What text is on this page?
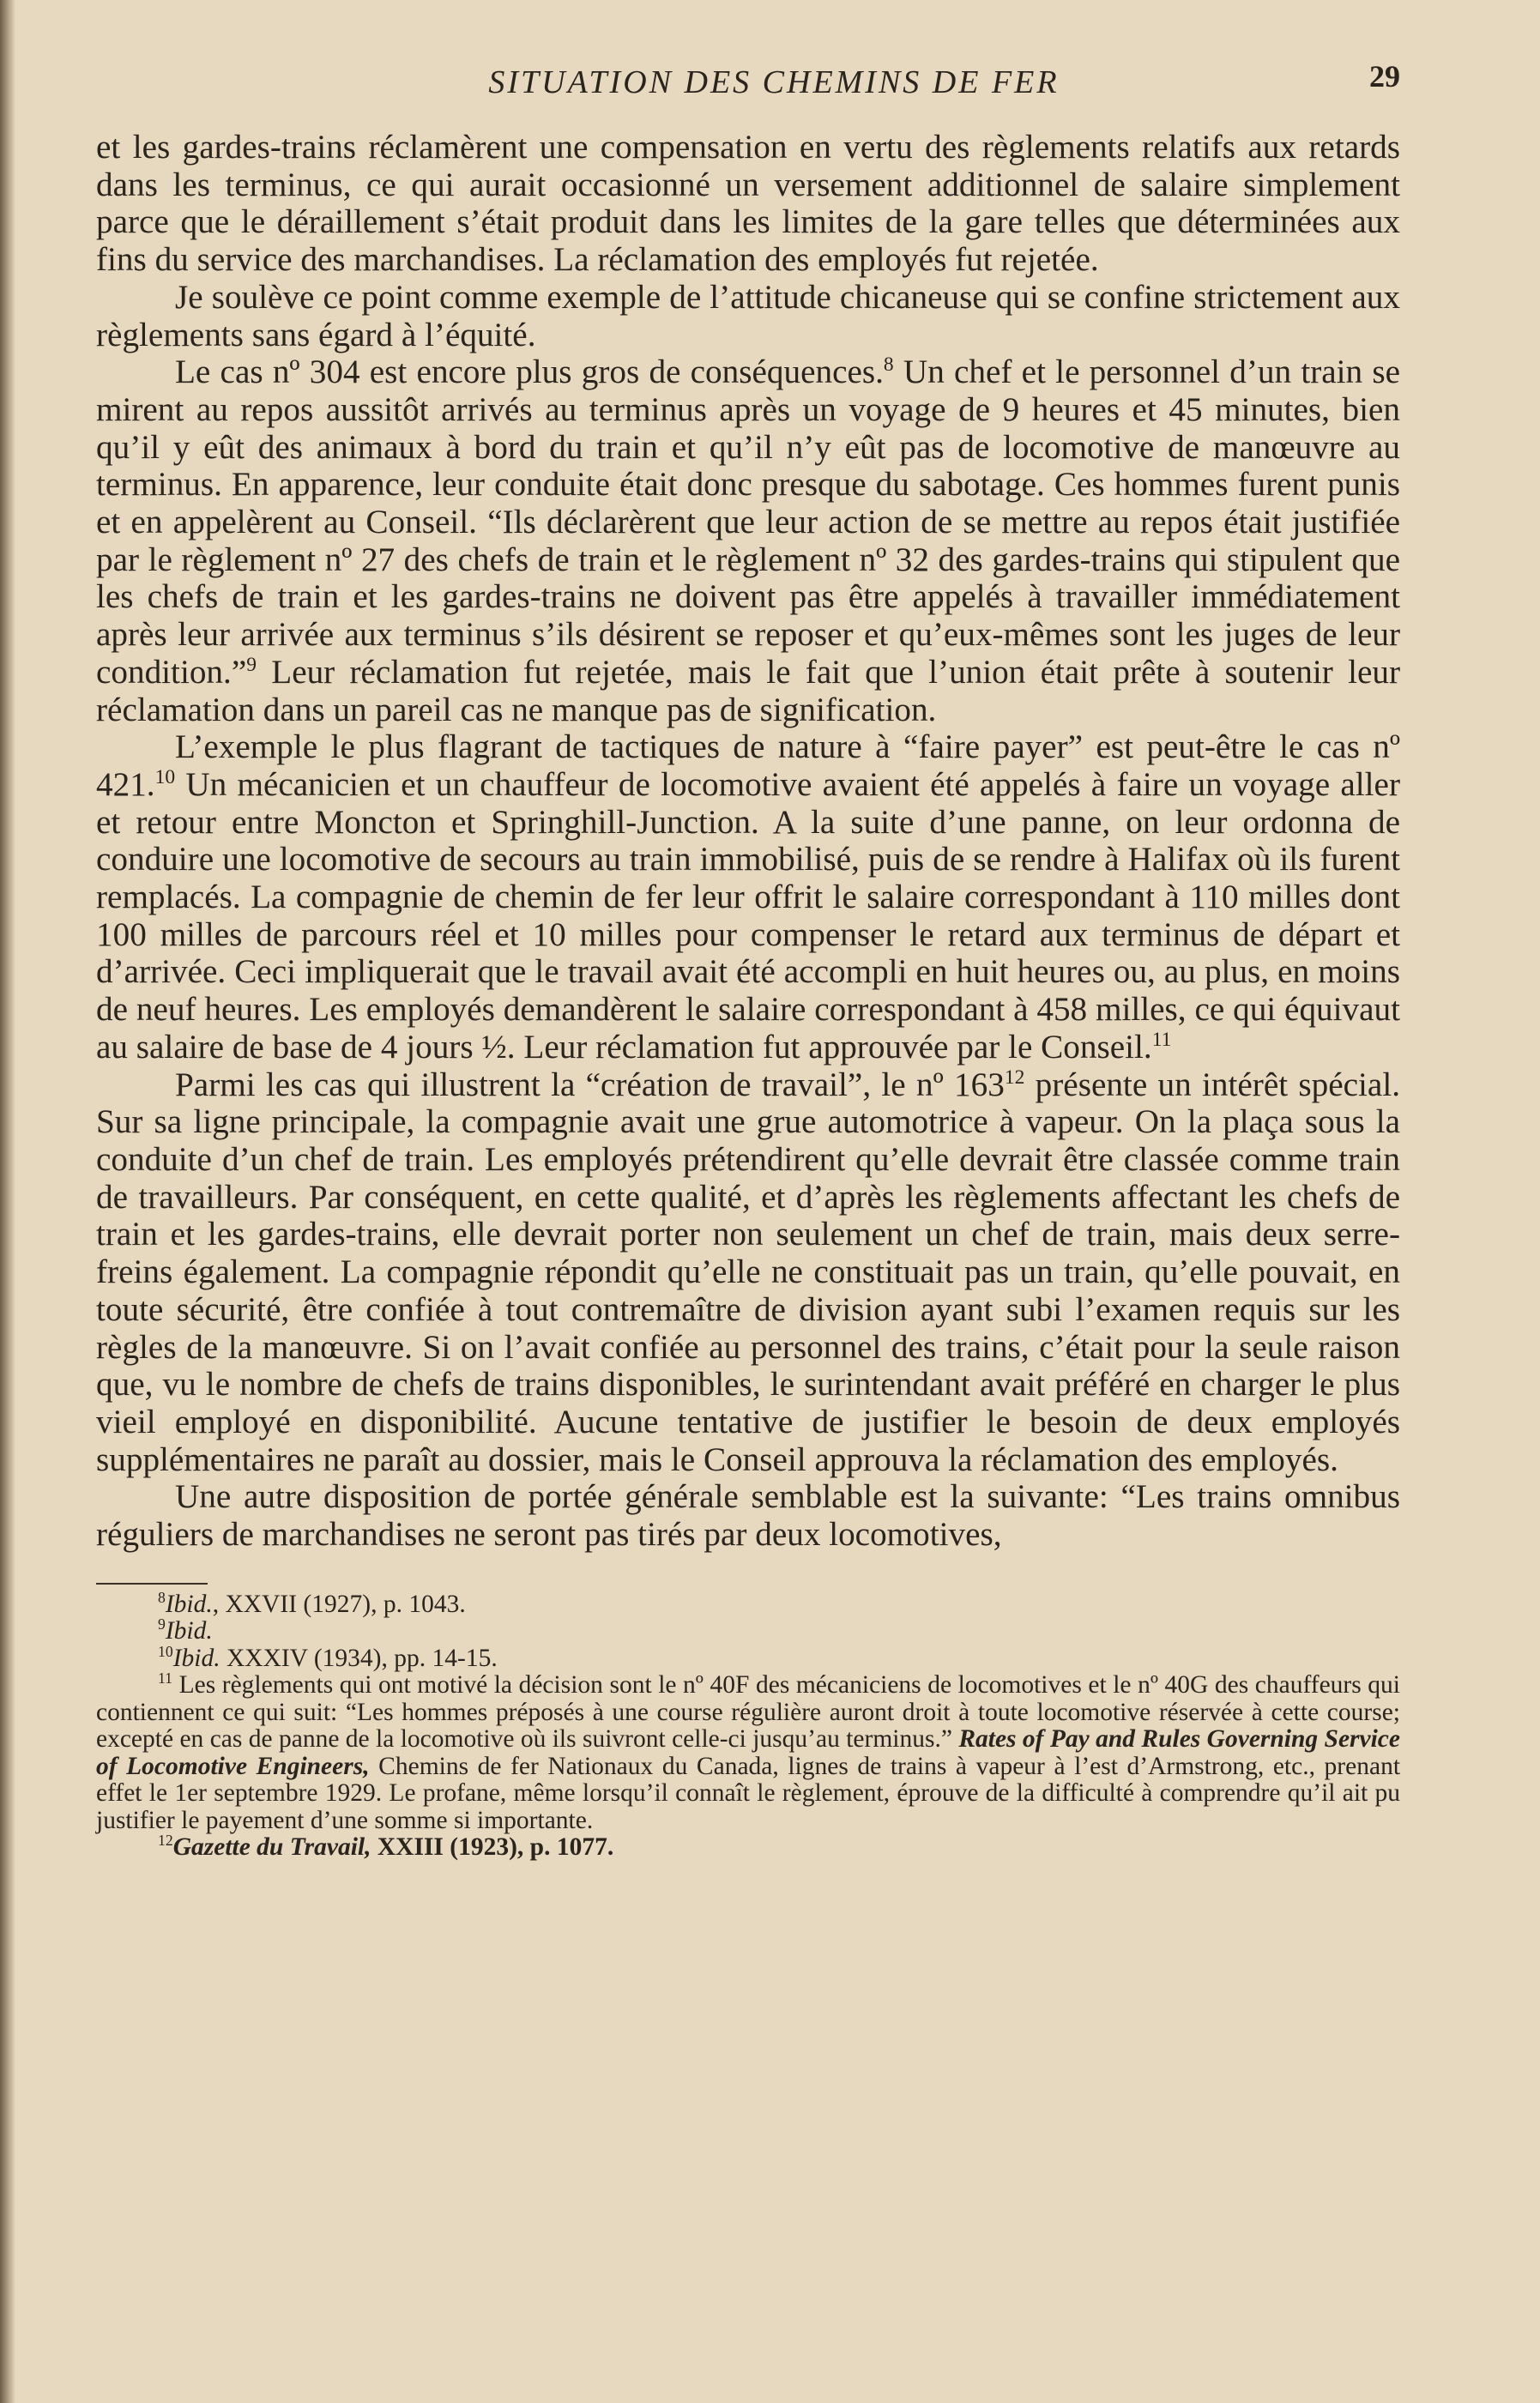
SITUATION DES CHEMINS DE FER	29

et les gardes-trains réclamèrent une compensation en vertu des règlements relatifs aux retards dans les terminus, ce qui aurait occasionné un versement additionnel de salaire simplement parce que le déraillement s’était produit dans les limites de la gare telles que déterminées aux fins du service des marchandises. La réclamation des employés fut rejetée.

Je soulève ce point comme exemple de l’attitude chicaneuse qui se confine strictement aux règlements sans égard à l’équité.

Le cas nº 304 est encore plus gros de conséquences.$^8$ Un chef et le personnel d’un train se mirent au repos aussitôt arrivés au terminus après un voyage de 9 heures et 45 minutes, bien qu’il y eût des animaux à bord du train et qu’il n’y eût pas de locomotive de manœuvre au terminus. En apparence, leur conduite était donc presque du sabotage. Ces hommes furent punis et en appelèrent au Conseil. “Ils déclarèrent que leur action de se mettre au repos était justifiée par le règlement nº 27 des chefs de train et le règlement nº 32 des gardes-trains qui stipulent que les chefs de train et les gardes-trains ne doivent pas être appelés à travailler immédiatement après leur arrivée aux terminus s’ils désirent se reposer et qu’eux-mêmes sont les juges de leur condition.”$^9$ Leur réclamation fut rejetée, mais le fait que l’union était prête à soutenir leur réclamation dans un pareil cas ne manque pas de signification.

L’exemple le plus flagrant de tactiques de nature à “faire payer” est peut-être le cas nº 421.10 Un mécanicien et un chauffeur de locomotive avaient été appelés à faire un voyage aller et retour entre Moncton et Springhill-Junction. A la suite d’une panne, on leur ordonna de conduire une locomotive de secours au train immobilisé, puis de se rendre à Halifax où ils furent remplacés. La compagnie de chemin de fer leur offrit le salaire correspondant à 110 milles dont 100 milles de parcours réel et 10 milles pour compenser le retard aux terminus de départ et d’arrivée. Ceci impliquerait que le travail avait été accompli en huit heures ou, au plus, en moins de neuf heures. Les employés demandèrent le salaire correspondant à 458 milles, ce qui équivaut au salaire de base de 4 jours ½. Leur réclamation fut approuvée par le Conseil.$^{11}$

Parmi les cas qui illustrent la “création de travail”, le nº $163^{12}$ présente un intérêt spécial. Sur sa ligne principale, la compagnie avait une grue automotrice à vapeur. On la plaça sous la conduite d’un chef de train. Les employés prétendirent qu’elle devrait être classée comme train de travailleurs. Par conséquent, en cette qualité, et d’après les règlements affectant les chefs de train et les gardes-trains, elle devrait porter non seulement un chef de train, mais deux serre-freins également. La compagnie répondit qu’elle ne constituait pas un train, qu’elle pouvait, en toute sécurité, être confiée à tout contremaître de division ayant subi l’examen requis sur les règles de la manœuvre. Si on l’avait confiée au personnel des trains, c’était pour la seule raison que, vu le nombre de chefs de trains disponibles, le surintendant avait préféré en charger le plus vieil employé en disponibilité. Aucune tentative de justifier le besoin de deux employés supplémentaires ne paraît au dossier, mais le Conseil approuva la réclamation des employés.

Une autre disposition de portée générale semblable est la suivante: “Les trains omnibus réguliers de marchandises ne seront pas tirés par deux locomotives,

$^8$Ibid., XXVII (1927), p. 1043.

$^9$Ibid.

$^{10}$Ibid. XXXIV (1934), pp. 14-15.

$^{11}$ Les règlements qui ont motivé la décision sont le nº 40F des mécaniciens de locomotives et le nº 40G des chauffeurs qui contiennent ce qui suit: “Les hommes préposés à une course régulière auront droit à toute locomotive réservée à cette course; excepté en cas de panne de la locomotive où ils suivront celle-ci jusqu’au terminus.” Rates of Pay and Rules Governing Service of Locomotive Engineers, Chemins de fer Nationaux du Canada, lignes de trains à vapeur à l’est d’Armstrong, etc., prenant effet le 1er septembre 1929. Le profane, même lorsqu’il connaît le règlement, éprouve de la difficulté à comprendre qu’il ait pu justifier le payement d’une somme si importante.

$^{12}$Gazette du Travail, XXIII (1923), p. 1077.
